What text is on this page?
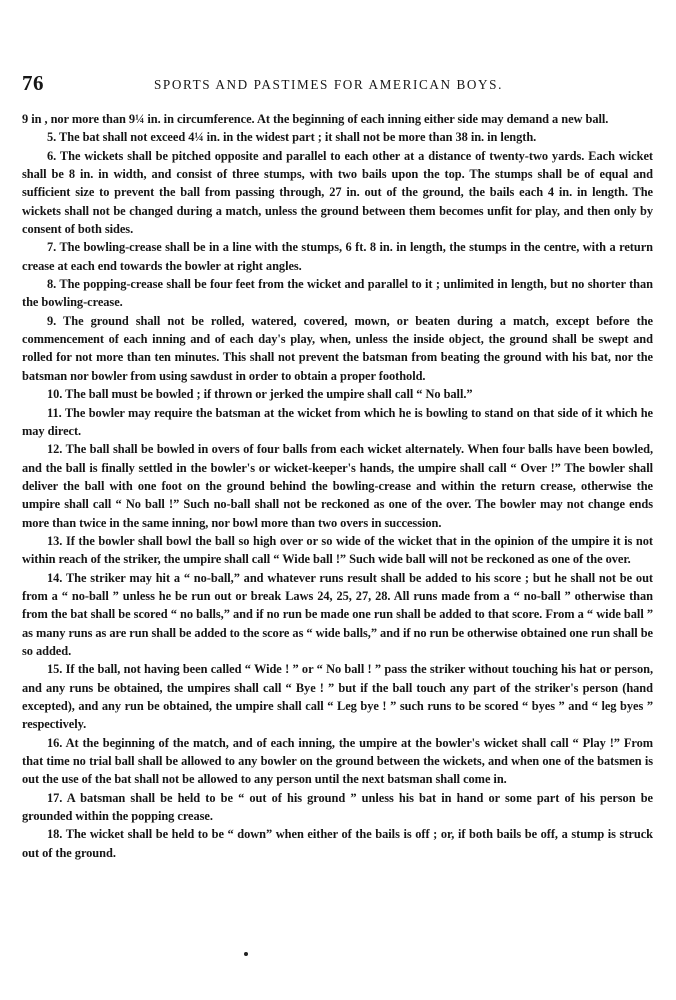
76	SPORTS AND PASTIMES FOR AMERICAN BOYS.

9 in , nor more than 9¼ in. in circumference. At the beginning of each inning either side may demand a new ball.

5. The bat shall not exceed 4¼ in. in the widest part ; it shall not be more than 38 in. in length.

6. The wickets shall be pitched opposite and parallel to each other at a distance of twenty-two yards. Each wicket shall be 8 in. in width, and consist of three stumps, with two bails upon the top. The stumps shall be of equal and sufficient size to prevent the ball from passing through, 27 in. out of the ground, the bails each 4 in. in length. The wickets shall not be changed during a match, unless the ground between them becomes unfit for play, and then only by consent of both sides.

7. The bowling-crease shall be in a line with the stumps, 6 ft. 8 in. in length, the stumps in the centre, with a return crease at each end towards the bowler at right angles.

8. The popping-crease shall be four feet from the wicket and parallel to it ; unlimited in length, but no shorter than the bowling-crease.

9. The ground shall not be rolled, watered, covered, mown, or beaten during a match, except before the commencement of each inning and of each day's play, when, unless the inside object, the ground shall be swept and rolled for not more than ten minutes. This shall not prevent the batsman from beating the ground with his bat, nor the batsman nor bowler from using sawdust in order to obtain a proper foothold.

10. The ball must be bowled ; if thrown or jerked the umpire shall call “ No ball.”

11. The bowler may require the batsman at the wicket from which he is bowling to stand on that side of it which he may direct.

12. The ball shall be bowled in overs of four balls from each wicket alternately. When four balls have been bowled, and the ball is finally settled in the bowler's or wicket-keeper's hands, the umpire shall call “ Over !” The bowler shall deliver the ball with one foot on the ground behind the bowling-crease and within the return crease, otherwise the umpire shall call “ No ball !” Such no-ball shall not be reckoned as one of the over. The bowler may not change ends more than twice in the same inning, nor bowl more than two overs in succession.

13. If the bowler shall bowl the ball so high over or so wide of the wicket that in the opinion of the umpire it is not within reach of the striker, the umpire shall call “ Wide ball !” Such wide ball will not be reckoned as one of the over.

14. The striker may hit a “ no-ball,” and whatever runs result shall be added to his score ; but he shall not be out from a “ no-ball ” unless he be run out or break Laws 24, 25, 27, 28. All runs made from a “ no-ball ” otherwise than from the bat shall be scored “ no balls,” and if no run be made one run shall be added to that score. From a “ wide ball ” as many runs as are run shall be added to the score as “ wide balls,” and if no run be otherwise obtained one run shall be so added.

15. If the ball, not having been called “ Wide ! ” or “ No ball ! ” pass the striker without touching his hat or person, and any runs be obtained, the umpires shall call “ Bye ! ” but if the ball touch any part of the striker's person (hand excepted), and any run be obtained, the umpire shall call “ Leg bye ! ” such runs to be scored “ byes ” and “ leg byes ” respectively.

16. At the beginning of the match, and of each inning, the umpire at the bowler's wicket shall call “ Play !” From that time no trial ball shall be allowed to any bowler on the ground between the wickets, and when one of the batsmen is out the use of the bat shall not be allowed to any person until the next batsman shall come in.

17. A batsman shall be held to be “ out of his ground ” unless his bat in hand or some part of his person be grounded within the popping crease.

18. The wicket shall be held to be “ down” when either of the bails is off ; or, if both bails be off, a stump is struck out of the ground.
